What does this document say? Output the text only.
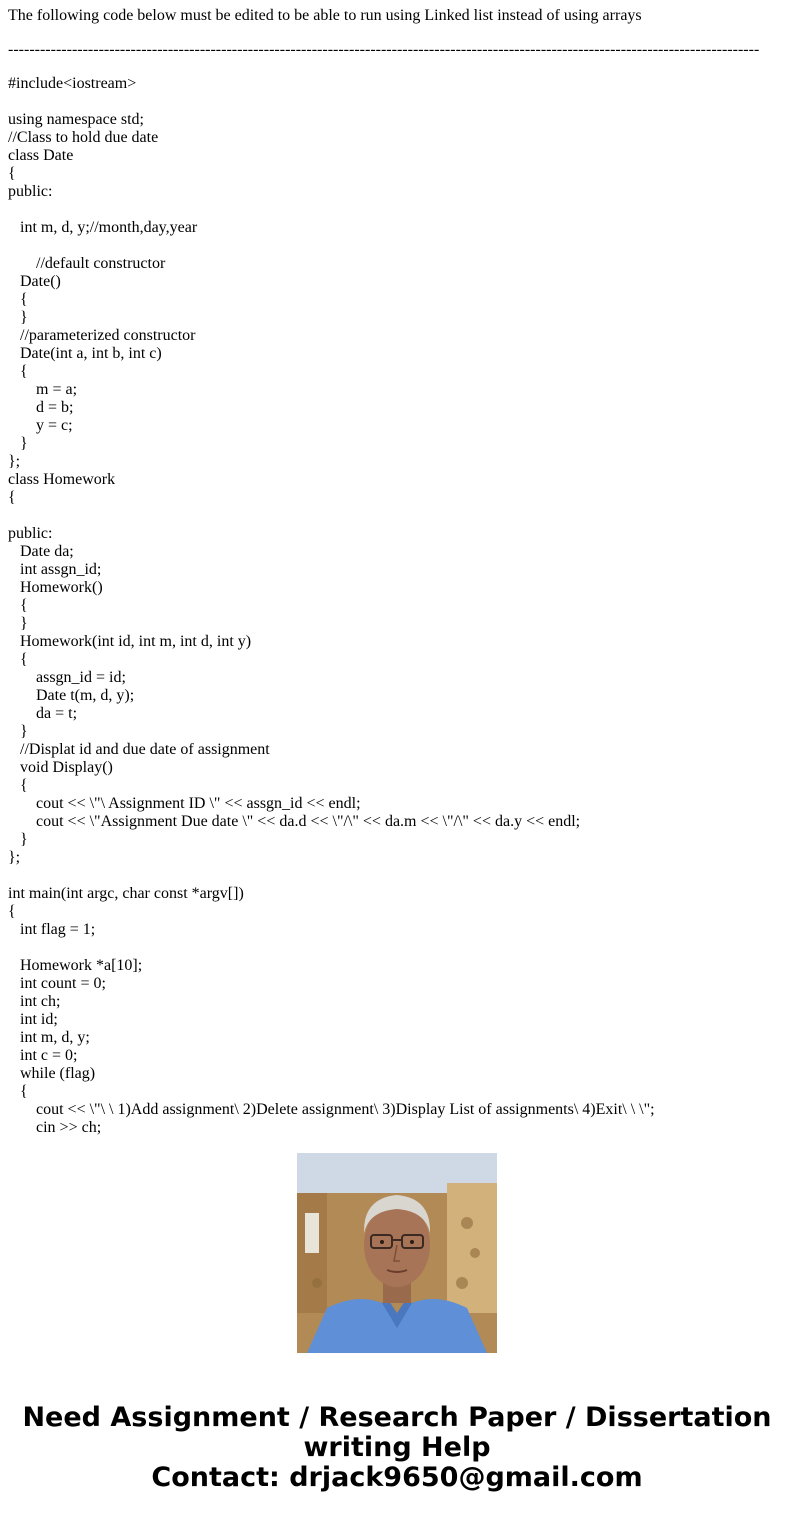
The following code below must be edited to be able to run using Linked list instead of using arrays
---------------------------------------------------------------------------------------------------------------------------------------------
#include<iostream>
using namespace std;
//Class to hold due date
class Date
{
public:
int m, d, y;//month,day,year
//default constructor
Date()
{
}
//parameterized constructor
Date(int a, int b, int c)
{
m = a;
d = b;
y = c;
}
};
class Homework
{
public:
Date da;
int assgn_id;
Homework()
{
}
Homework(int id, int m, int d, int y)
{
assgn_id = id;
Date t(m, d, y);
da = t;
}
//Displat id and due date of assignment
void Display()
{
cout << \"\ Assignment ID \" << assgn_id << endl;
cout << \"Assignment Due date \" << da.d << \"/\" << da.m << \"/\" << da.y << endl;
}
};
int main(int argc, char const *argv[])
{
int flag = 1;
Homework *a[10];
int count = 0;
int ch;
int id;
int m, d, y;
int c = 0;
while (flag)
{
cout << \"\ \ 1)Add assignment\ 2)Delete assignment\ 3)Display List of assignments\ 4)Exit\ \ \";
cin >> ch;
Need Assignment / Research Paper / Dissertation
writing Help
Contact: drjack9650@gmail.com
